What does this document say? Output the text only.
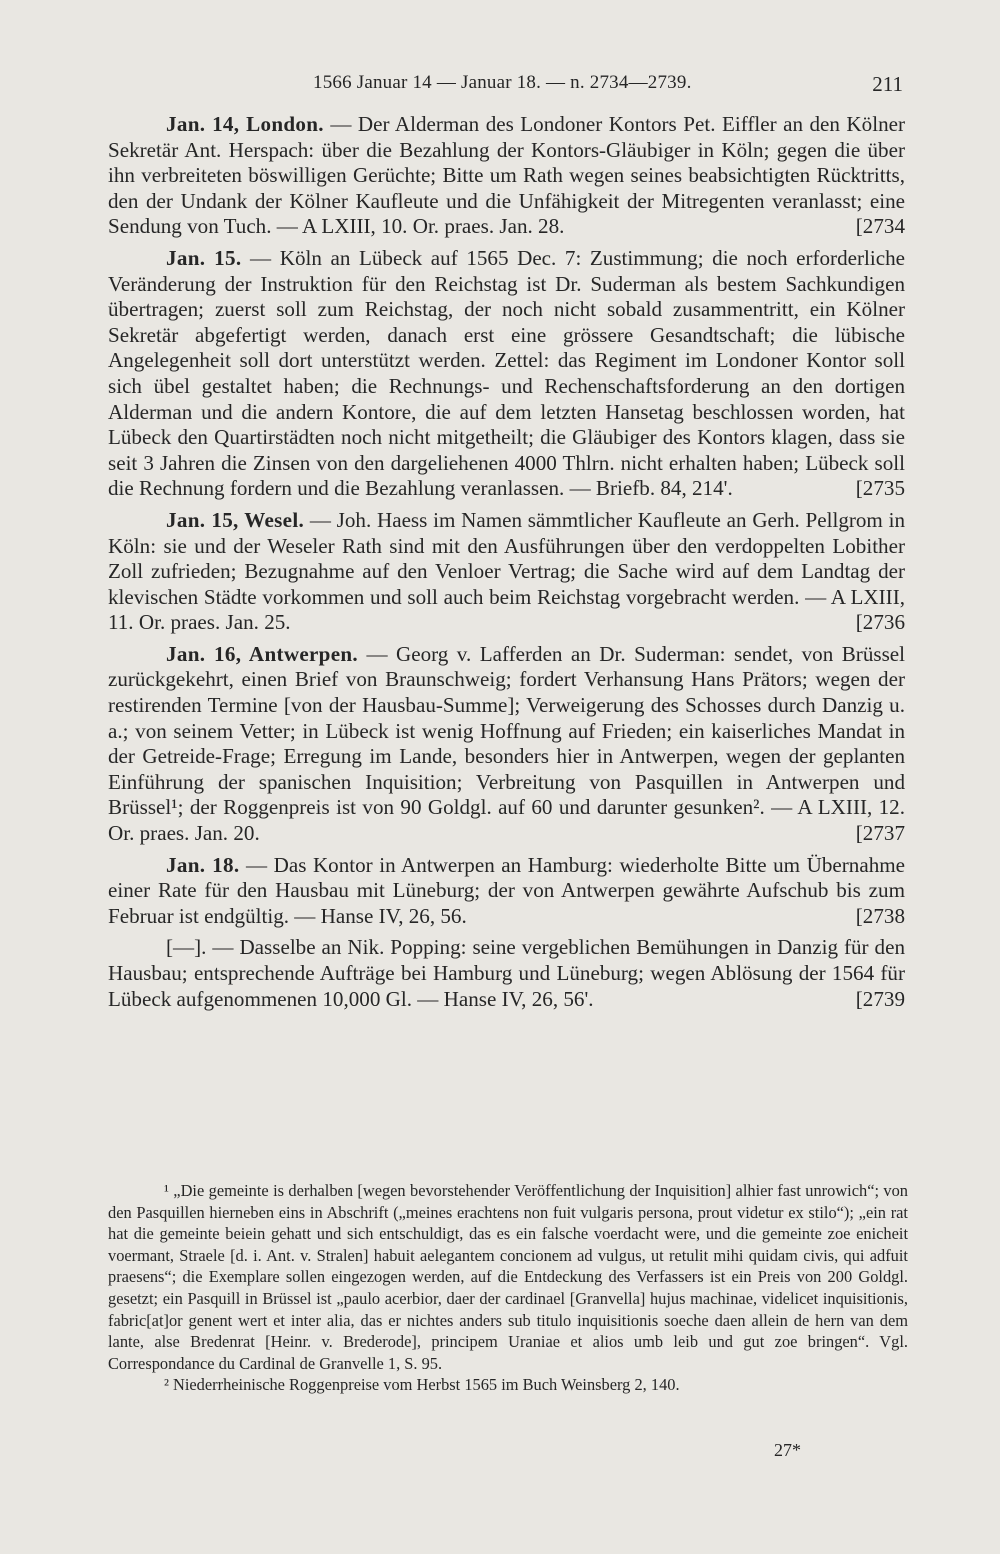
1566 Januar 14 — Januar 18. — n. 2734—2739.	211

Jan. 14, London. — Der Alderman des Londoner Kontors Pet. Eiffler an den Kölner Sekretär Ant. Herspach: über die Bezahlung der Kontors-Gläubiger in Köln; gegen die über ihn verbreiteten böswilligen Gerüchte; Bitte um Rath wegen seines beabsichtigten Rücktritts, den der Undank der Kölner Kaufleute und die Unfähigkeit der Mitregenten veranlasst; eine Sendung von Tuch. — A LXIII, 10. Or. praes. Jan. 28.	[2734

Jan. 15. — Köln an Lübeck auf 1565 Dec. 7: Zustimmung; die noch erforderliche Veränderung der Instruktion für den Reichstag ist Dr. Suderman als bestem Sachkundigen übertragen; zuerst soll zum Reichstag, der noch nicht sobald zusammentritt, ein Kölner Sekretär abgefertigt werden, danach erst eine grössere Gesandtschaft; die lübische Angelegenheit soll dort unterstützt werden. Zettel: das Regiment im Londoner Kontor soll sich übel gestaltet haben; die Rechnungs- und Rechenschaftsforderung an den dortigen Alderman und die andern Kontore, die auf dem letzten Hansetag beschlossen worden, hat Lübeck den Quartirstädten noch nicht mitgetheilt; die Gläubiger des Kontors klagen, dass sie seit 3 Jahren die Zinsen von den dargeliehenen 4000 Thlrn. nicht erhalten haben; Lübeck soll die Rechnung fordern und die Bezahlung veranlassen. — Briefb. 84, 214'.	[2735

Jan. 15, Wesel. — Joh. Haess im Namen sämmtlicher Kaufleute an Gerh. Pellgrom in Köln: sie und der Weseler Rath sind mit den Ausführungen über den verdoppelten Lobither Zoll zufrieden; Bezugnahme auf den Venloer Vertrag; die Sache wird auf dem Landtag der klevischen Städte vorkommen und soll auch beim Reichstag vorgebracht werden. — A LXIII, 11. Or. praes. Jan. 25.	[2736

Jan. 16, Antwerpen. — Georg v. Lafferden an Dr. Suderman: sendet, von Brüssel zurückgekehrt, einen Brief von Braunschweig; fordert Verhansung Hans Prätors; wegen der restirenden Termine [von der Hausbau-Summe]; Verweigerung des Schosses durch Danzig u. a.; von seinem Vetter; in Lübeck ist wenig Hoffnung auf Frieden; ein kaiserliches Mandat in der Getreide-Frage; Erregung im Lande, besonders hier in Antwerpen, wegen der geplanten Einführung der spanischen Inquisition; Verbreitung von Pasquillen in Antwerpen und Brüssel¹; der Roggenpreis ist von 90 Goldgl. auf 60 und darunter gesunken². — A LXIII, 12. Or. praes. Jan. 20.	[2737

Jan. 18. — Das Kontor in Antwerpen an Hamburg: wiederholte Bitte um Übernahme einer Rate für den Hausbau mit Lüneburg; der von Antwerpen gewährte Aufschub bis zum Februar ist endgültig. — Hanse IV, 26, 56.	[2738

[—]. — Dasselbe an Nik. Popping: seine vergeblichen Bemühungen in Danzig für den Hausbau; entsprechende Aufträge bei Hamburg und Lüneburg; wegen Ablösung der 1564 für Lübeck aufgenommenen 10,000 Gl. — Hanse IV, 26, 56'.	[2739

¹ „Die gemeinte is derhalben [wegen bevorstehender Veröffentlichung der Inquisition] alhier fast unrowich“; von den Pasquillen hierneben eins in Abschrift („meines erachtens non fuit vulgaris persona, prout videtur ex stilo“); „ein rat hat die gemeinte beiein gehatt und sich entschuldigt, das es ein falsche voerdacht were, und die gemeinte zoe enicheit voermant, Straele [d. i. Ant. v. Stralen] habuit aelegantem concionem ad vulgus, ut retulit mihi quidam civis, qui adfuit praesens“; die Exemplare sollen eingezogen werden, auf die Entdeckung des Verfassers ist ein Preis von 200 Goldgl. gesetzt; ein Pasquill in Brüssel ist „paulo acerbior, daer der cardinael [Granvella] hujus machinae, videlicet inquisitionis, fabric[at]or genent wert et inter alia, das er nichtes anders sub titulo inquisitionis soeche daen allein de hern van dem lante, alse Bredenrat [Heinr. v. Brederode], principem Uraniae et alios umb leib und gut zoe bringen“. Vgl. Correspondance du Cardinal de Granvelle 1, S. 95.

² Niederrheinische Roggenpreise vom Herbst 1565 im Buch Weinsberg 2, 140.

27*
